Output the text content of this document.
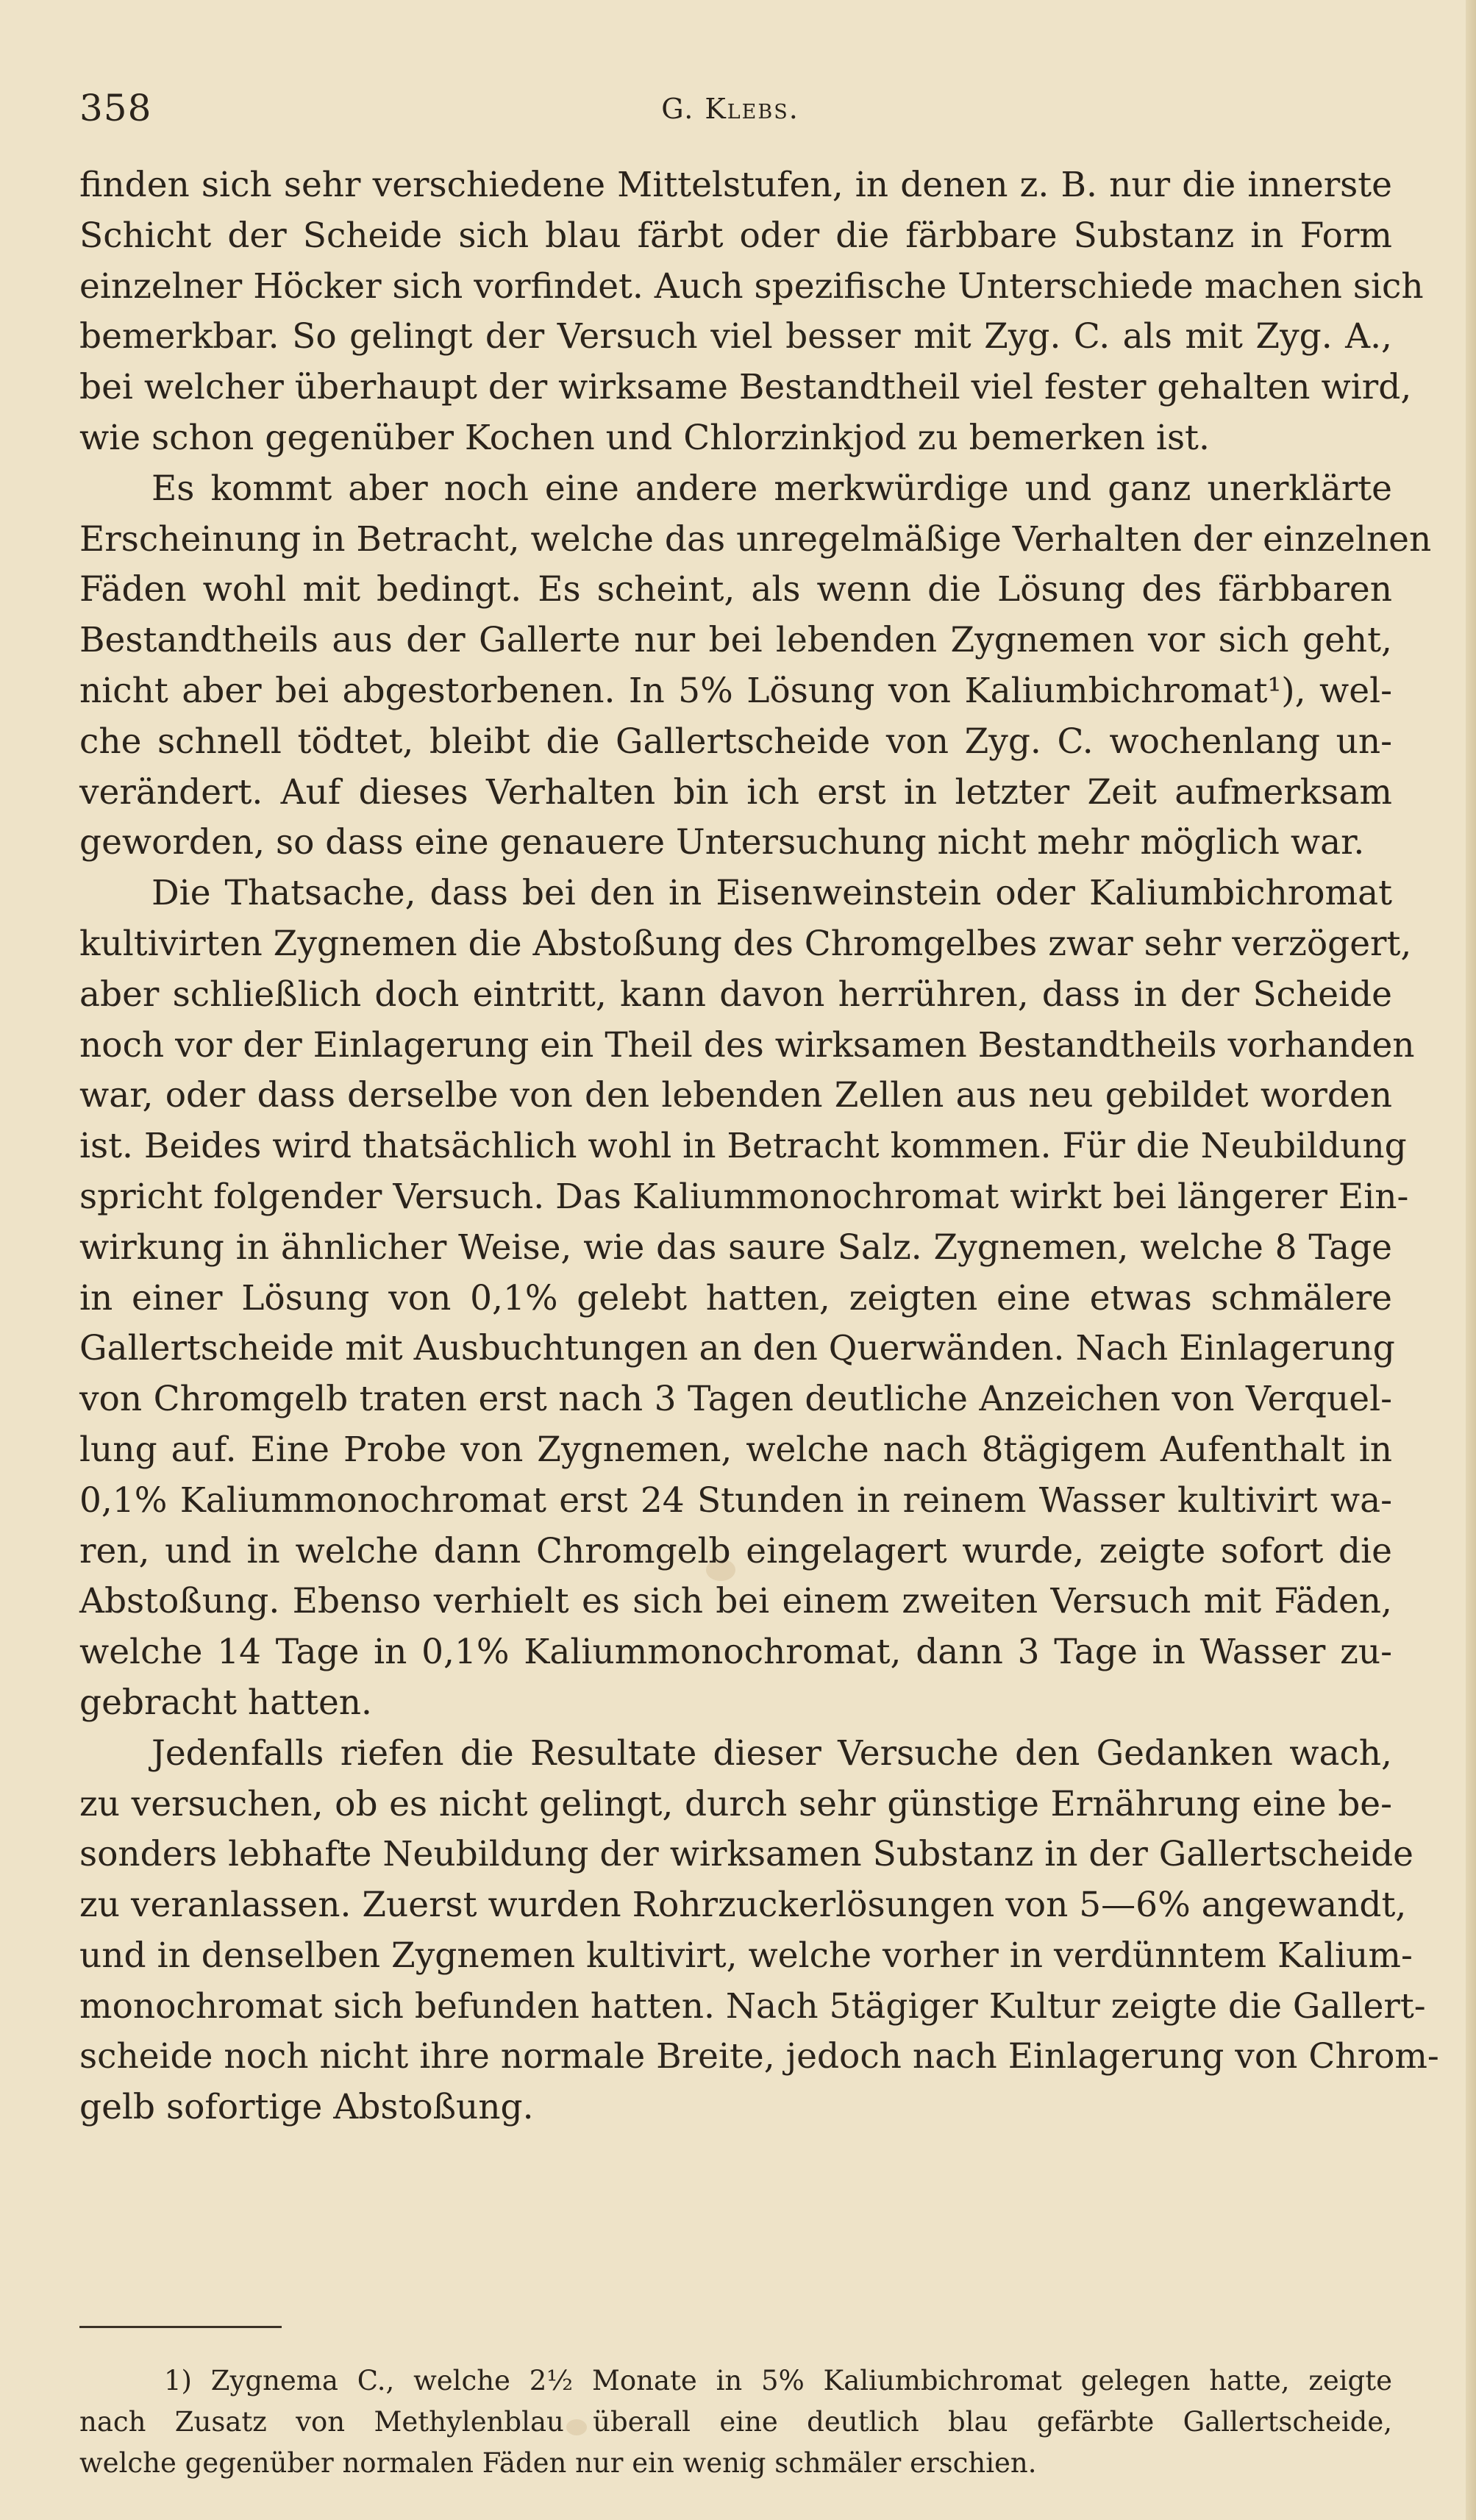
358	G. Klebs.
finden sich sehr verschiedene Mittelstufen, in denen z. B. nur die innerste
Schicht der Scheide sich blau färbt oder die färbbare Substanz in Form
einzelner Höcker sich vorfindet. Auch spezifische Unterschiede machen sich
bemerkbar. So gelingt der Versuch viel besser mit Zyg. C. als mit Zyg. A.,
bei welcher überhaupt der wirksame Bestandtheil viel fester gehalten wird,
wie schon gegenüber Kochen und Chlorzinkjod zu bemerken ist.
Es kommt aber noch eine andere merkwürdige und ganz unerklärte
Erscheinung in Betracht, welche das unregelmäßige Verhalten der einzelnen
Fäden wohl mit bedingt. Es scheint, als wenn die Lösung des färbbaren
Bestandtheils aus der Gallerte nur bei lebenden Zygnemen vor sich geht,
nicht aber bei abgestorbenen. In 5% Lösung von Kaliumbichromat¹), wel-
che schnell tödtet, bleibt die Gallertscheide von Zyg. C. wochenlang un-
verändert. Auf dieses Verhalten bin ich erst in letzter Zeit aufmerksam
geworden, so dass eine genauere Untersuchung nicht mehr möglich war.
Die Thatsache, dass bei den in Eisenweinstein oder Kaliumbichromat
kultivirten Zygnemen die Abstoßung des Chromgelbes zwar sehr verzögert,
aber schließlich doch eintritt, kann davon herrühren, dass in der Scheide
noch vor der Einlagerung ein Theil des wirksamen Bestandtheils vorhanden
war, oder dass derselbe von den lebenden Zellen aus neu gebildet worden
ist. Beides wird thatsächlich wohl in Betracht kommen. Für die Neubildung
spricht folgender Versuch. Das Kaliummonochromat wirkt bei längerer Ein-
wirkung in ähnlicher Weise, wie das saure Salz. Zygnemen, welche 8 Tage
in einer Lösung von 0,1% gelebt hatten, zeigten eine etwas schmälere
Gallertscheide mit Ausbuchtungen an den Querwänden. Nach Einlagerung
von Chromgelb traten erst nach 3 Tagen deutliche Anzeichen von Verquel-
lung auf. Eine Probe von Zygnemen, welche nach 8tägigem Aufenthalt in
0,1% Kaliummonochromat erst 24 Stunden in reinem Wasser kultivirt wa-
ren, und in welche dann Chromgelb eingelagert wurde, zeigte sofort die
Abstoßung. Ebenso verhielt es sich bei einem zweiten Versuch mit Fäden,
welche 14 Tage in 0,1% Kaliummonochromat, dann 3 Tage in Wasser zu-
gebracht hatten.
Jedenfalls riefen die Resultate dieser Versuche den Gedanken wach,
zu versuchen, ob es nicht gelingt, durch sehr günstige Ernährung eine be-
sonders lebhafte Neubildung der wirksamen Substanz in der Gallertscheide
zu veranlassen. Zuerst wurden Rohrzuckerlösungen von 5—6% angewandt,
und in denselben Zygnemen kultivirt, welche vorher in verdünntem Kalium-
monochromat sich befunden hatten. Nach 5tägiger Kultur zeigte die Gallert-
scheide noch nicht ihre normale Breite, jedoch nach Einlagerung von Chrom-
gelb sofortige Abstoßung.
1) Zygnema C., welche 2½ Monate in 5% Kaliumbichromat gelegen hatte, zeigte
nach Zusatz von Methylenblau überall eine deutlich blau gefärbte Gallertscheide,
welche gegenüber normalen Fäden nur ein wenig schmäler erschien.
